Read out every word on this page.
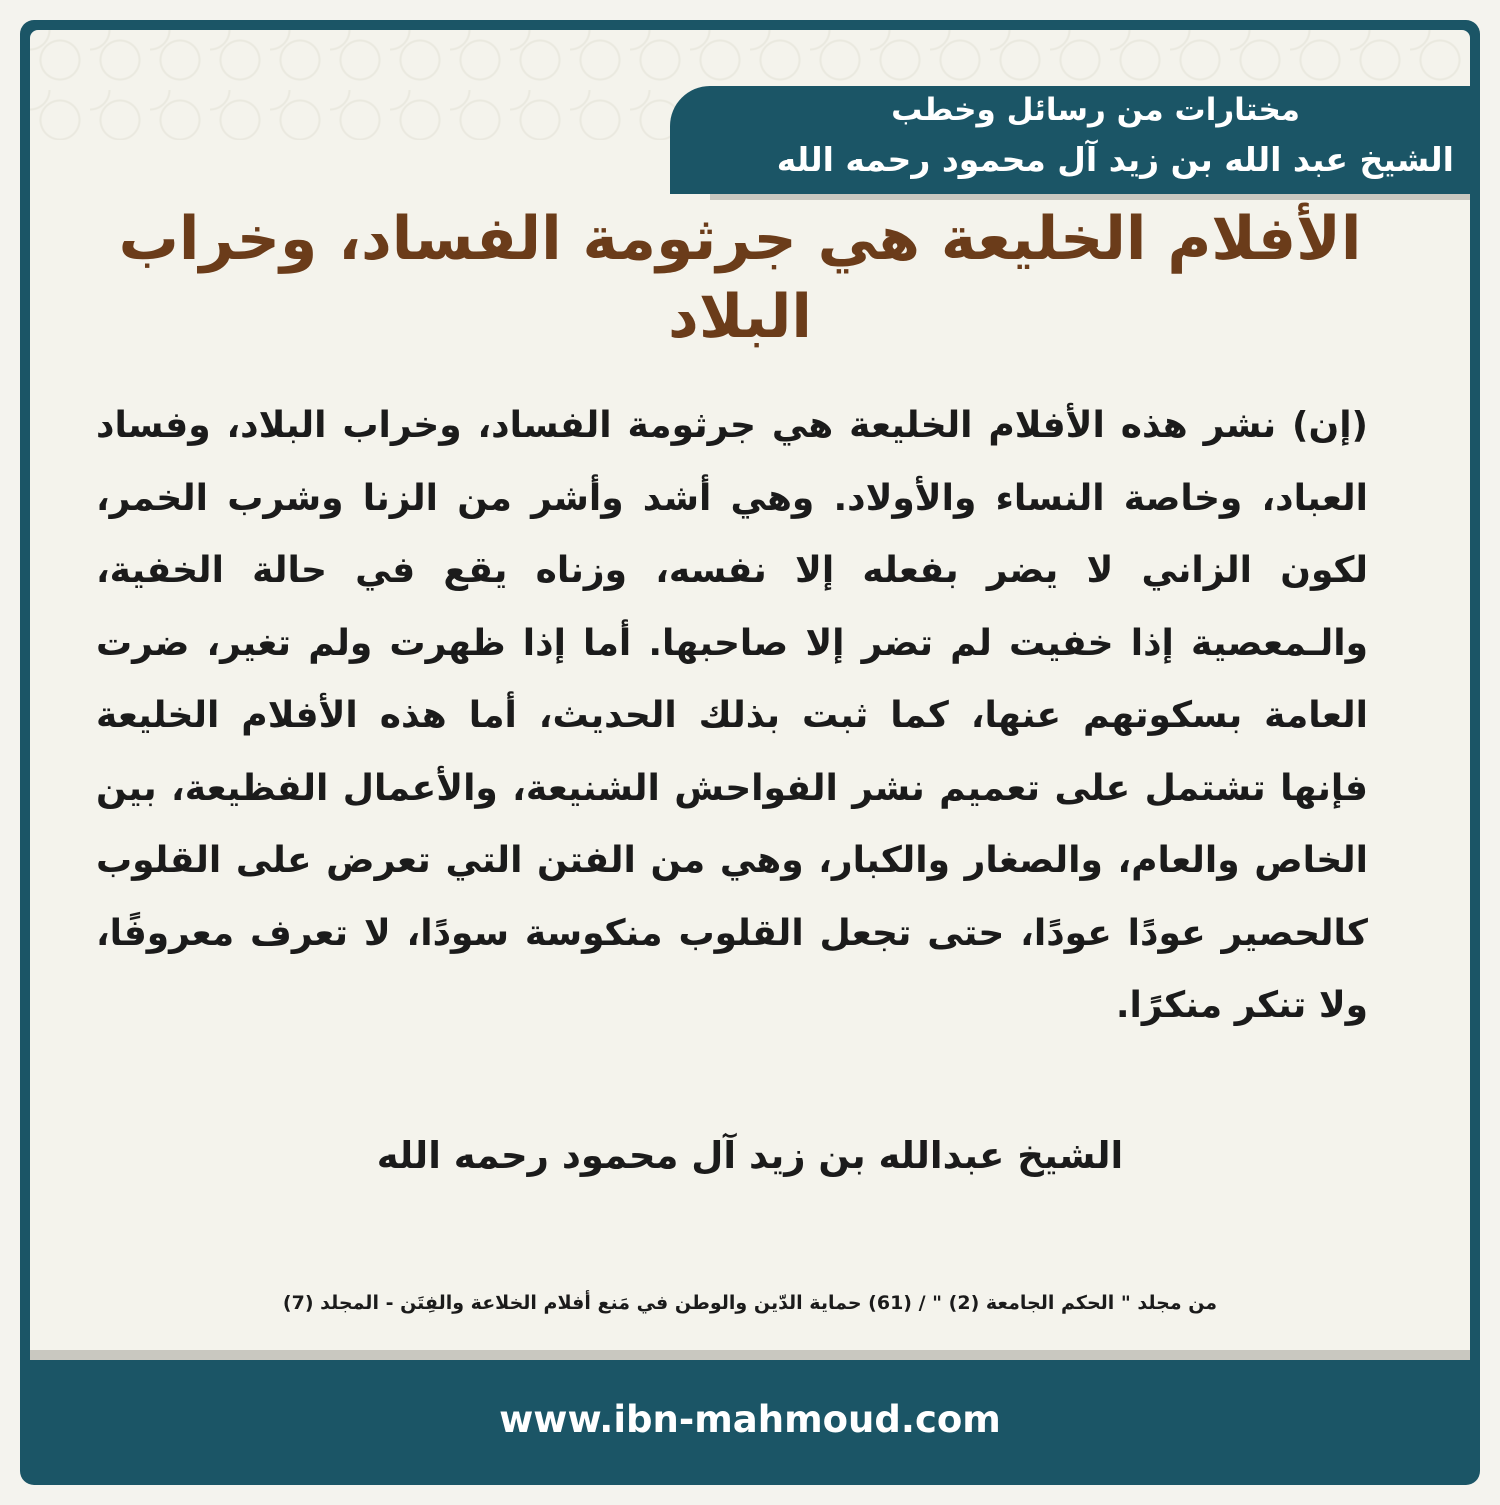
مختارات من رسائل وخطب
الشيخ عبد الله بن زيد آل محمود رحمه الله
الأفلام الخليعة هي جرثومة الفساد، وخراب البلاد
(إن) نشر هذه الأفلام الخليعة هي جرثومة الفساد، وخراب البلاد، وفساد العباد، وخاصة النساء والأولاد. وهي أشد وأشر من الزنا وشرب الخمر، لكون الزاني لا يضر بفعله إلا نفسه، وزناه يقع في حالة الخفية، والـمعصية إذا خفيت لم تضر إلا صاحبها. أما إذا ظهرت ولم تغير، ضرت العامة بسكوتهم عنها، كما ثبت بذلك الحديث، أما هذه الأفلام الخليعة فإنها تشتمل على تعميم نشر الفواحش الشنيعة، والأعمال الفظيعة، بين الخاص والعام، والصغار والكبار، وهي من الفتن التي تعرض على القلوب كالحصير عودًا عودًا، حتى تجعل القلوب منكوسة سودًا، لا تعرف معروفًا، ولا تنكر منكرًا.
الشيخ عبدالله بن زيد آل محمود رحمه الله
من مجلد " الحكم الجامعة (2) " / (61) حماية الدّين والوطن في مَنع أفلام الخلاعة والفِتَن - المجلد (7)
www.ibn-mahmoud.com
